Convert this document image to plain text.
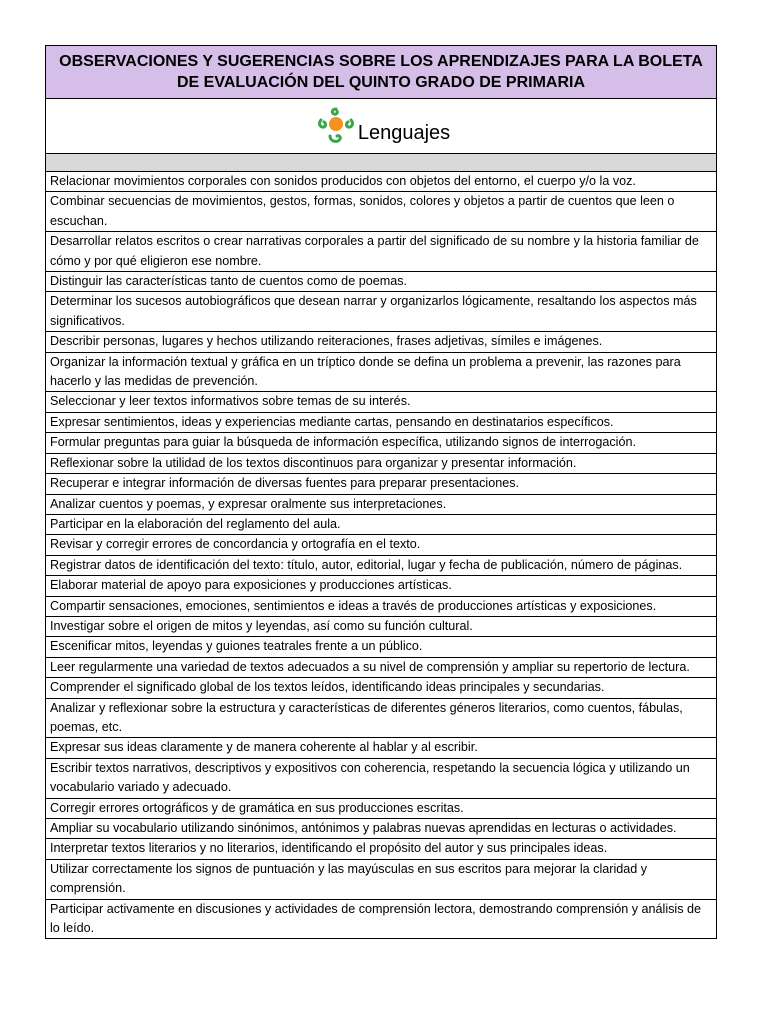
OBSERVACIONES Y SUGERENCIAS SOBRE LOS APRENDIZAJES PARA LA BOLETA DE EVALUACIÓN DEL QUINTO GRADO DE PRIMARIA
Lenguajes
Relacionar movimientos corporales con sonidos producidos con objetos del entorno, el cuerpo y/o la voz.
Combinar secuencias de movimientos, gestos, formas, sonidos, colores y objetos a partir de cuentos que leen o escuchan.
Desarrollar relatos escritos o crear narrativas corporales a partir del significado de su nombre y la historia familiar de cómo y por qué eligieron ese nombre.
Distinguir las características tanto de cuentos como de poemas.
Determinar los sucesos autobiográficos que desean narrar y organizarlos lógicamente, resaltando los aspectos más significativos.
Describir personas, lugares y hechos utilizando reiteraciones, frases adjetivas, símiles e imágenes.
Organizar la información textual y gráfica en un tríptico donde se defina un problema a prevenir, las razones para hacerlo y las medidas de prevención.
Seleccionar y leer textos informativos sobre temas de su interés.
Expresar sentimientos, ideas y experiencias mediante cartas, pensando en destinatarios específicos.
Formular preguntas para guiar la búsqueda de información específica, utilizando signos de interrogación.
Reflexionar sobre la utilidad de los textos discontinuos para organizar y presentar información.
Recuperar e integrar información de diversas fuentes para preparar presentaciones.
Analizar cuentos y poemas, y expresar oralmente sus interpretaciones.
Participar en la elaboración del reglamento del aula.
Revisar y corregir errores de concordancia y ortografía en el texto.
Registrar datos de identificación del texto: título, autor, editorial, lugar y fecha de publicación, número de páginas.
Elaborar material de apoyo para exposiciones y producciones artísticas.
Compartir sensaciones, emociones, sentimientos e ideas a través de producciones artísticas y exposiciones.
Investigar sobre el origen de mitos y leyendas, así como su función cultural.
Escenificar mitos, leyendas y guiones teatrales frente a un público.
Leer regularmente una variedad de textos adecuados a su nivel de comprensión y ampliar su repertorio de lectura.
Comprender el significado global de los textos leídos, identificando ideas principales y secundarias.
Analizar y reflexionar sobre la estructura y características de diferentes géneros literarios, como cuentos, fábulas, poemas, etc.
Expresar sus ideas claramente y de manera coherente al hablar y al escribir.
Escribir textos narrativos, descriptivos y expositivos con coherencia, respetando la secuencia lógica y utilizando un vocabulario variado y adecuado.
Corregir errores ortográficos y de gramática en sus producciones escritas.
Ampliar su vocabulario utilizando sinónimos, antónimos y palabras nuevas aprendidas en lecturas o actividades.
Interpretar textos literarios y no literarios, identificando el propósito del autor y sus principales ideas.
Utilizar correctamente los signos de puntuación y las mayúsculas en sus escritos para mejorar la claridad y comprensión.
Participar activamente en discusiones y actividades de comprensión lectora, demostrando comprensión y análisis de lo leído.
